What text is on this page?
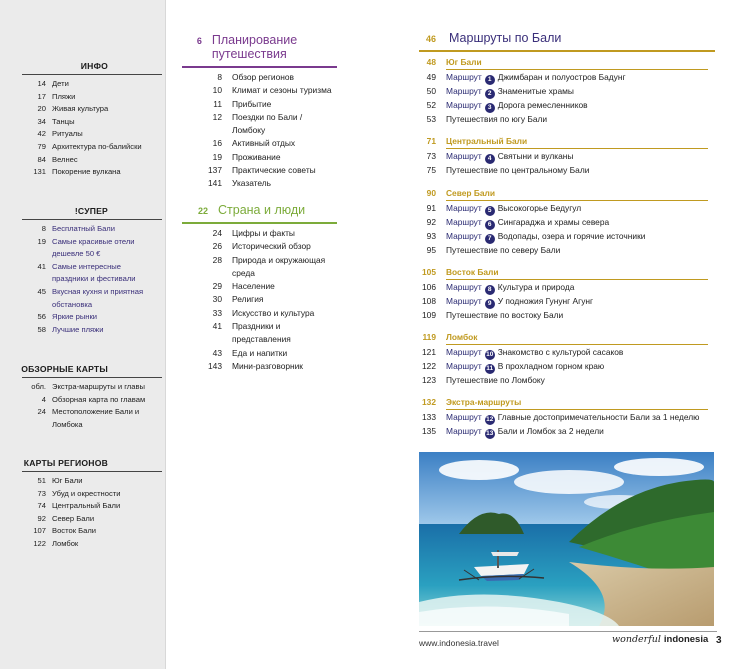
ИНФО
14 Дети
17 Пляжи
20 Живая культура
34 Танцы
42 Ритуалы
79 Архитектура по-балийски
84 Велнес
131 Покорение вулкана
СУПЕР!
8 Бесплатный Бали
19 Самые красивые отели дешевле 50 €
41 Самые интересные праздники и фестивали
45 Вкусная кухня и приятная обстановка
56 Яркие рынки
58 Лучшие пляжи
ОБЗОРНЫЕ КАРТЫ
обл. Экстра-маршруты и главы
4 Обзорная карта по главам
24 Местоположение Бали и Ломбока
КАРТЫ РЕГИОНОВ
51 Юг Бали
73 Убуд и окрестности
74 Центральный Бали
92 Север Бали
107 Восток Бали
122 Ломбок
6 Планирование путешествия
8	Обзор регионов
10	Климат и сезоны туризма
11	Прибытие
12	Поездки по Бали / Ломбоку
16	Активный отдых
19	Проживание
137	Практические советы
141	Указатель
22 Страна и люди
24	Цифры и факты
26	Исторический обзор
28	Природа и окружающая среда
29	Население
30	Религия
33	Искусство и культура
41	Праздники и представления
43	Еда и напитки
143	Мини-разговорник
46	Маршруты по Бали
48	Юг Бали
49	Маршрут 1 Джимбаран и полуостров Бадунг
50	Маршрут 2 Знаменитые храмы
52	Маршрут 3 Дорога ремесленников
53	Путешествия по югу Бали
71	Центральный Бали
73	Маршрут 4 Святыни и вулканы
75	Путешествие по центральному Бали
90	Север Бали
91	Маршрут 5 Высокогорье Бедугул
92	Маршрут 6 Сингараджа и храмы севера
93	Маршрут 7 Водопады, озера и горячие источники
95	Путешествие по северу Бали
105	Восток Бали
106	Маршрут 8 Культура и природа
108	Маршрут 9 У подножия Гунунг Агунг
109	Путешествие по востоку Бали
119	Ломбок
121	Маршрут 10 Знакомство с культурой сасаков
122	Маршрут 11 В прохладном горном краю
123	Путешествие по Ломбоку
132	Экстра-маршруты
133	Маршрут 12 Главные достопримечательности Бали за 1 неделю
135	Маршрут 13 Бали и Ломбок за 2 недели
www.indonesia.travel	wonderful indonesia 3
